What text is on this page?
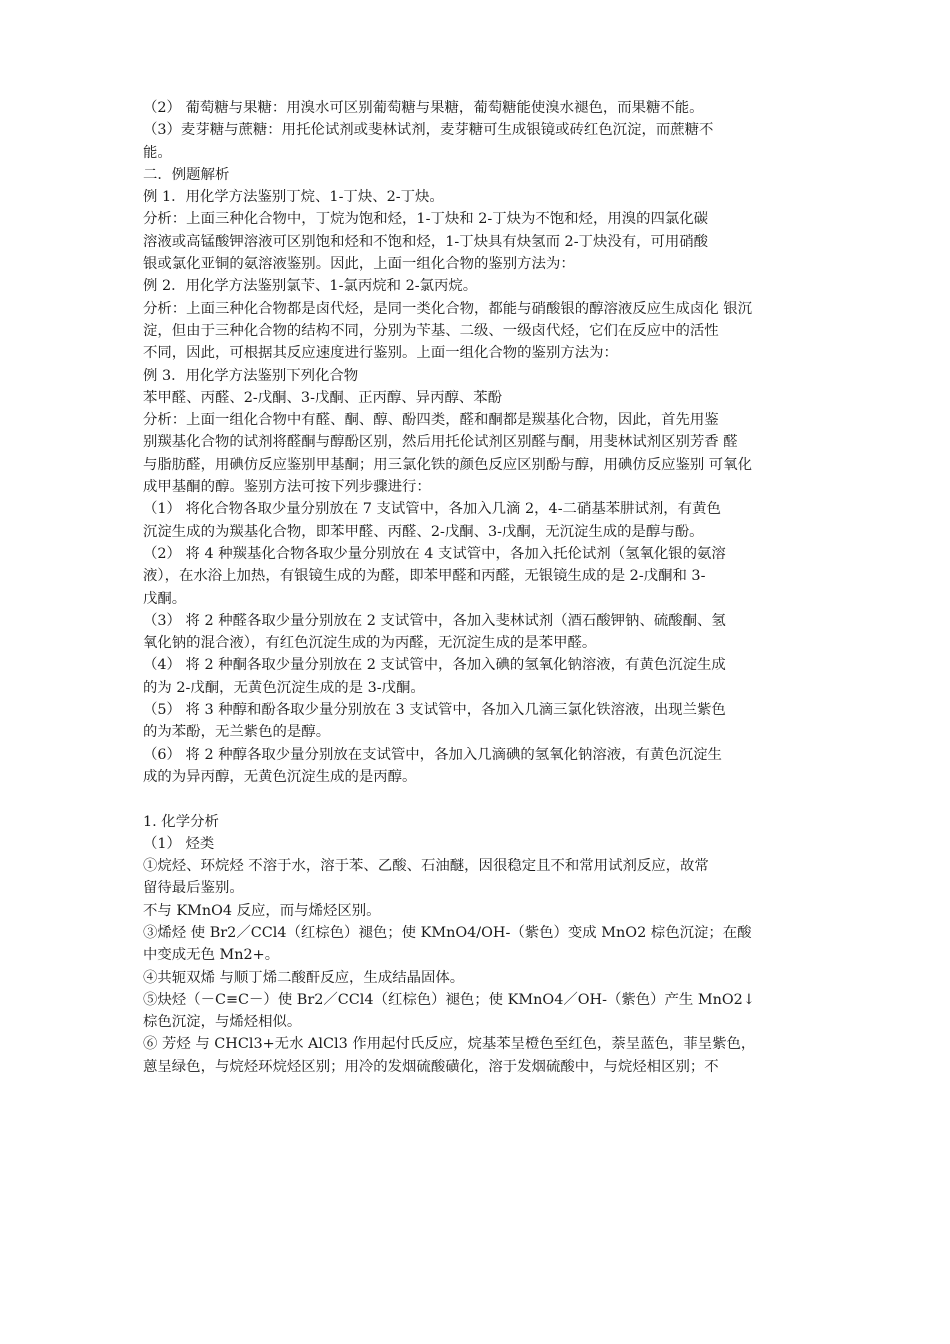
（2） 葡萄糖与果糖：用溴水可区别葡萄糖与果糖，葡萄糖能使溴水褪色，而果糖不能。
（3）麦芽糖与蔗糖：用托伦试剂或斐林试剂，麦芽糖可生成银镜或砖红色沉淀，而蔗糖不
能。
二．例题解析
例 1．用化学方法鉴别丁烷、1-丁炔、2-丁炔。
分析：上面三种化合物中，丁烷为饱和烃，1-丁炔和 2-丁炔为不饱和烃，用溴的四氯化碳
溶液或高锰酸钾溶液可区别饱和烃和不饱和烃，1-丁炔具有炔氢而 2-丁炔没有，可用硝酸
银或氯化亚铜的氨溶液鉴别。因此，上面一组化合物的鉴别方法为：
例 2．用化学方法鉴别氯苄、1-氯丙烷和 2-氯丙烷。
分析：上面三种化合物都是卤代烃，是同一类化合物，都能与硝酸银的醇溶液反应生成卤化 银沉
淀，但由于三种化合物的结构不同，分别为苄基、二级、一级卤代烃，它们在反应中的活性
不同，因此，可根据其反应速度进行鉴别。上面一组化合物的鉴别方法为：
例 3．用化学方法鉴别下列化合物
苯甲醛、丙醛、2-戊酮、3-戊酮、正丙醇、异丙醇、苯酚
分析：上面一组化合物中有醛、酮、醇、酚四类，醛和酮都是羰基化合物，因此，首先用鉴
别羰基化合物的试剂将醛酮与醇酚区别，然后用托伦试剂区别醛与酮，用斐林试剂区别芳香 醛
与脂肪醛，用碘仿反应鉴别甲基酮；用三氯化铁的颜色反应区别酚与醇，用碘仿反应鉴别 可氧化
成甲基酮的醇。鉴别方法可按下列步骤进行：
（1） 将化合物各取少量分别放在 7 支试管中，各加入几滴 2，4-二硝基苯肼试剂，有黄色
沉淀生成的为羰基化合物，即苯甲醛、丙醛、2-戊酮、3-戊酮，无沉淀生成的是醇与酚。
（2） 将 4 种羰基化合物各取少量分别放在 4 支试管中，各加入托伦试剂（氢氧化银的氨溶
液），在水浴上加热，有银镜生成的为醛，即苯甲醛和丙醛，无银镜生成的是 2-戊酮和 3-
戊酮。
（3） 将 2 种醛各取少量分别放在 2 支试管中，各加入斐林试剂（酒石酸钾钠、硫酸酮、氢
氧化钠的混合液），有红色沉淀生成的为丙醛，无沉淀生成的是苯甲醛。
（4） 将 2 种酮各取少量分别放在 2 支试管中，各加入碘的氢氧化钠溶液，有黄色沉淀生成
的为 2-戊酮，无黄色沉淀生成的是 3-戊酮。
（5） 将 3 种醇和酚各取少量分别放在 3 支试管中，各加入几滴三氯化铁溶液，出现兰紫色
的为苯酚，无兰紫色的是醇。
（6） 将 2 种醇各取少量分别放在支试管中，各加入几滴碘的氢氧化钠溶液，有黄色沉淀生
成的为异丙醇，无黄色沉淀生成的是丙醇。
1. 化学分析
（1） 烃类
①烷烃、环烷烃 不溶于水，溶于苯、乙酸、石油醚，因很稳定且不和常用试剂反应，故常
留待最后鉴别。
不与 KMnO4 反应，而与烯烃区别。
③烯烃 使 Br2／CCl4（红棕色）褪色；使 KMnO4/OH-（紫色）变成 MnO2 棕色沉淀；在酸
中变成无色 Mn2+。
④共轭双烯 与顺丁烯二酸酐反应，生成结晶固体。
⑤炔烃（－C≡C－）使 Br2／CCl4（红棕色）褪色；使 KMnO4／OH-（紫色）产生 MnO2↓
棕色沉淀，与烯烃相似。
⑥ 芳烃 与 CHCl3+无水 AlCl3 作用起付氏反应，烷基苯呈橙色至红色，萘呈蓝色，菲呈紫色，
蒽呈绿色，与烷烃环烷烃区别；用冷的发烟硫酸磺化，溶于发烟硫酸中，与烷烃相区别；不
